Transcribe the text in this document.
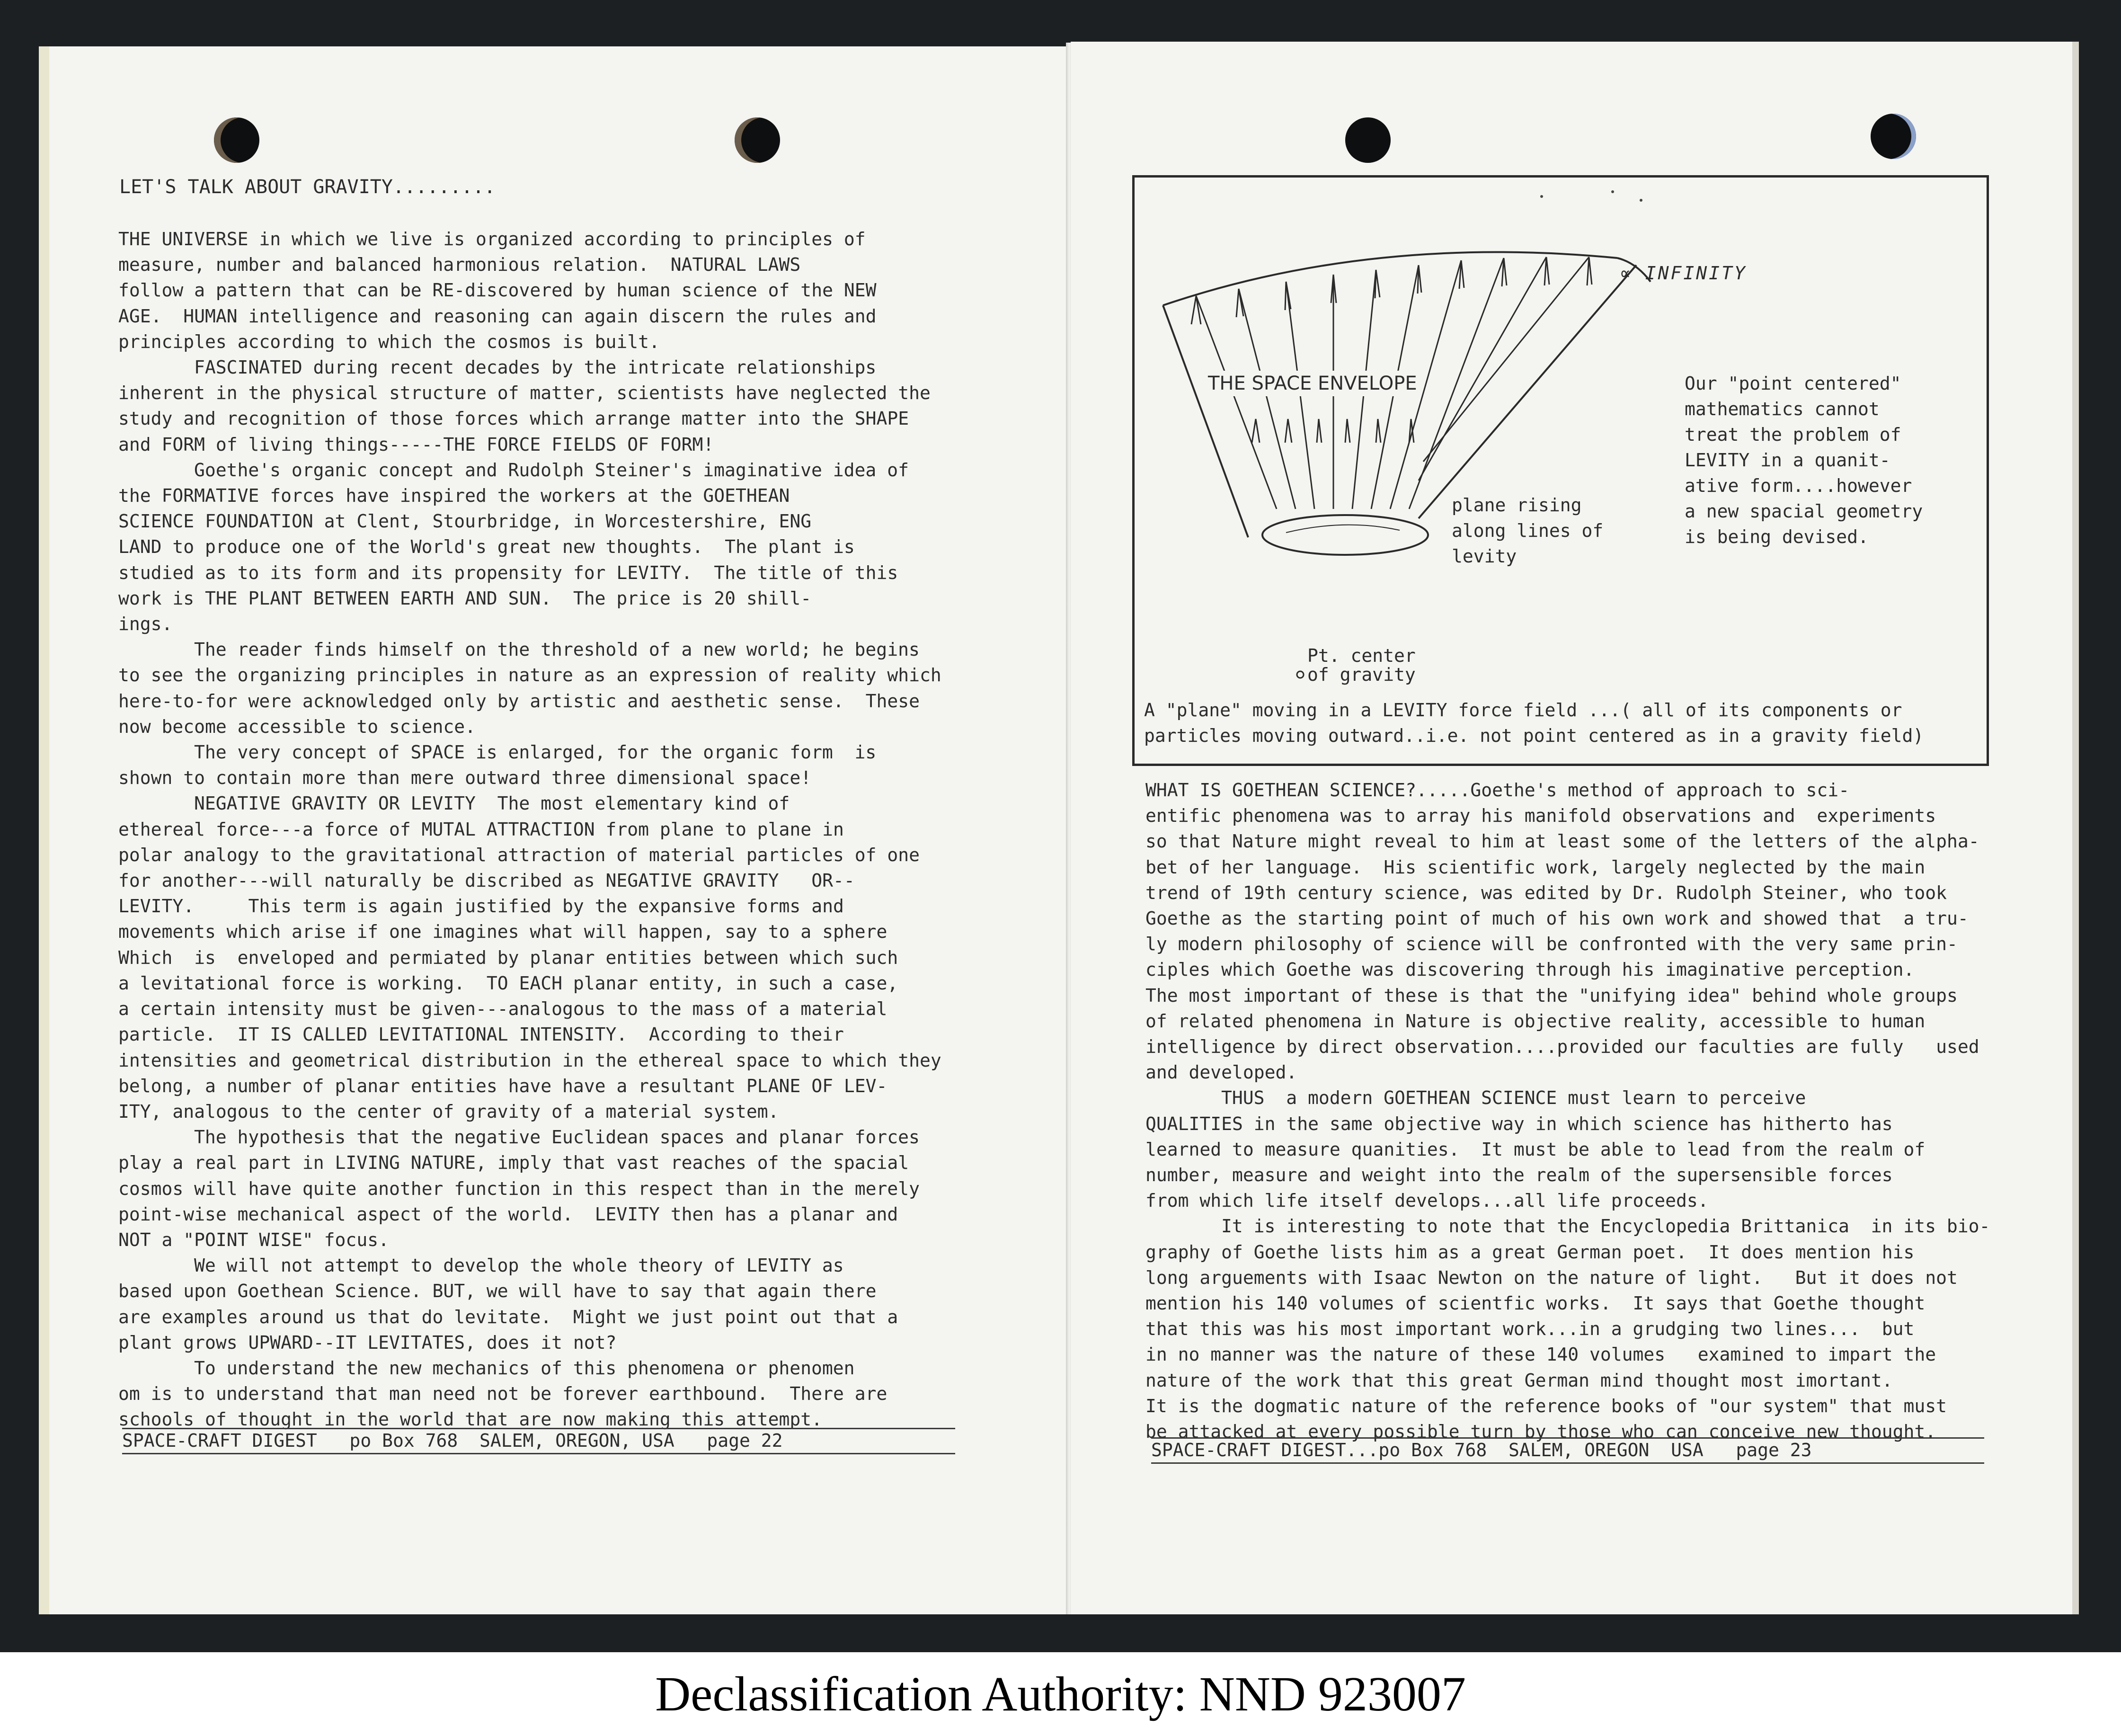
LET'S TALK ABOUT GRAVITY.........
THE UNIVERSE in which we live is organized according to principles of
measure, number and balanced harmonious relation.  NATURAL LAWS
follow a pattern that can be RE-discovered by human science of the NEW
AGE.  HUMAN intelligence and reasoning can again discern the rules and
principles according to which the cosmos is built.
FASCINATED during recent decades by the intricate relationships
inherent in the physical structure of matter, scientists have neglected the
study and recognition of those forces which arrange matter into the SHAPE
and FORM of living things-----THE FORCE FIELDS OF FORM!
Goethe's organic concept and Rudolph Steiner's imaginative idea of
the FORMATIVE forces have inspired the workers at the GOETHEAN
SCIENCE FOUNDATION at Clent, Stourbridge, in Worcestershire, ENG
LAND to produce one of the World's great new thoughts.  The plant is
studied as to its form and its propensity for LEVITY.  The title of this
work is THE PLANT BETWEEN EARTH AND SUN.  The price is 20 shill-
ings.
The reader finds himself on the threshold of a new world; he begins
to see the organizing principles in nature as an expression of reality which
here-to-for were acknowledged only by artistic and aesthetic sense.  These
now become accessible to science.
The very concept of SPACE is enlarged, for the organic form  is
shown to contain more than mere outward three dimensional space!
NEGATIVE GRAVITY OR LEVITY  The most elementary kind of
ethereal force---a force of MUTAL ATTRACTION from plane to plane in
polar analogy to the gravitational attraction of material particles of one
for another---will naturally be discribed as NEGATIVE GRAVITY   OR--
LEVITY.     This term is again justified by the expansive forms and
movements which arise if one imagines what will happen, say to a sphere
Which  is  enveloped and permiated by planar entities between which such
a levitational force is working.  TO EACH planar entity, in such a case,
a certain intensity must be given---analogous to the mass of a material
particle.  IT IS CALLED LEVITATIONAL INTENSITY.  According to their
intensities and geometrical distribution in the ethereal space to which they
belong, a number of planar entities have have a resultant PLANE OF LEV-
ITY, analogous to the center of gravity of a material system.
The hypothesis that the negative Euclidean spaces and planar forces
play a real part in LIVING NATURE, imply that vast reaches of the spacial
cosmos will have quite another function in this respect than in the merely
point-wise mechanical aspect of the world.  LEVITY then has a planar and
NOT a "POINT WISE" focus.
We will not attempt to develop the whole theory of LEVITY as
based upon Goethean Science. BUT, we will have to say that again there
are examples around us that do levitate.  Might we just point out that a
plant grows UPWARD--IT LEVITATES, does it not?
To understand the new mechanics of this phenomena or phenomen
om is to understand that man need not be forever earthbound.  There are
schools of thought in the world that are now making this attempt.
SPACE-CRAFT DIGEST   po Box 768  SALEM, OREGON, USA   page 22
∝ INFINITY
THE SPACE ENVELOPE
plane rising
along lines of
levity
Our "point centered"
mathematics cannot
treat the problem of
LEVITY in a quanit-
ative form....however
a new spacial geometry
is being devised.
Pt. center
of gravity
A "plane" moving in a LEVITY force field ...( all of its components or
particles moving outward..i.e. not point centered as in a gravity field)
WHAT IS GOETHEAN SCIENCE?.....Goethe's method of approach to sci-
entific phenomena was to array his manifold observations and  experiments
so that Nature might reveal to him at least some of the letters of the alpha-
bet of her language.  His scientific work, largely neglected by the main
trend of 19th century science, was edited by Dr. Rudolph Steiner, who took
Goethe as the starting point of much of his own work and showed that  a tru-
ly modern philosophy of science will be confronted with the very same prin-
ciples which Goethe was discovering through his imaginative perception.
The most important of these is that the "unifying idea" behind whole groups
of related phenomena in Nature is objective reality, accessible to human
intelligence by direct observation....provided our faculties are fully   used
and developed.
THUS  a modern GOETHEAN SCIENCE must learn to perceive
QUALITIES in the same objective way in which science has hitherto has
learned to measure quanities.  It must be able to lead from the realm of
number, measure and weight into the realm of the supersensible forces
from which life itself develops...all life proceeds.
It is interesting to note that the Encyclopedia Brittanica  in its bio-
graphy of Goethe lists him as a great German poet.  It does mention his
long arguements with Isaac Newton on the nature of light.   But it does not
mention his 140 volumes of scientfic works.  It says that Goethe thought
that this was his most important work...in a grudging two lines...  but
in no manner was the nature of these 140 volumes   examined to impart the
nature of the work that this great German mind thought most imortant.
It is the dogmatic nature of the reference books of "our system" that must
be attacked at every possible turn by those who can conceive new thought.
SPACE-CRAFT DIGEST...po Box 768  SALEM, OREGON  USA   page 23
Declassification Authority: NND 923007
